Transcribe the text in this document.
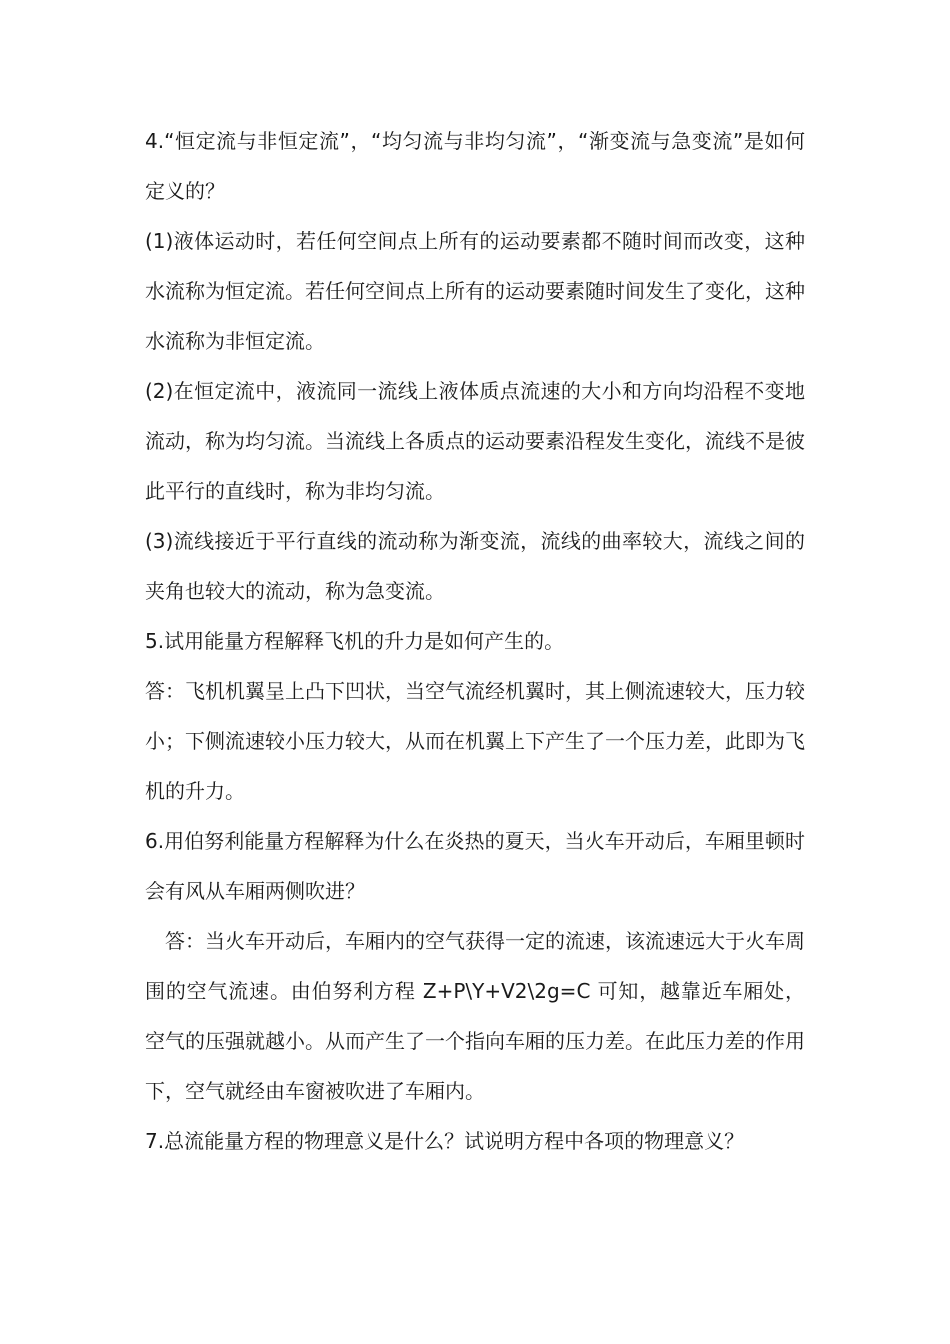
4.“恒定流与非恒定流”，“均匀流与非均匀流”，“渐变流与急变流”是如何定义的？

(1)液体运动时，若任何空间点上所有的运动要素都不随时间而改变，这种水流称为恒定流。若任何空间点上所有的运动要素随时间发生了变化，这种水流称为非恒定流。

(2)在恒定流中，液流同一流线上液体质点流速的大小和方向均沿程不变地流动，称为均匀流。当流线上各质点的运动要素沿程发生变化，流线不是彼此平行的直线时，称为非均匀流。

(3)流线接近于平行直线的流动称为渐变流，流线的曲率较大，流线之间的夹角也较大的流动，称为急变流。

5.试用能量方程解释飞机的升力是如何产生的。

答：飞机机翼呈上凸下凹状，当空气流经机翼时，其上侧流速较大，压力较小；下侧流速较小压力较大，从而在机翼上下产生了一个压力差，此即为飞机的升力。

6.用伯努利能量方程解释为什么在炎热的夏天，当火车开动后，车厢里顿时会有风从车厢两侧吹进？

答：当火车开动后，车厢内的空气获得一定的流速，该流速远大于火车周围的空气流速。由伯努利方程 Z+P\Y+V2\2g=C 可知，越靠近车厢处，空气的压强就越小。从而产生了一个指向车厢的压力差。在此压力差的作用下，空气就经由车窗被吹进了车厢内。

7.总流能量方程的物理意义是什么？试说明方程中各项的物理意义？
